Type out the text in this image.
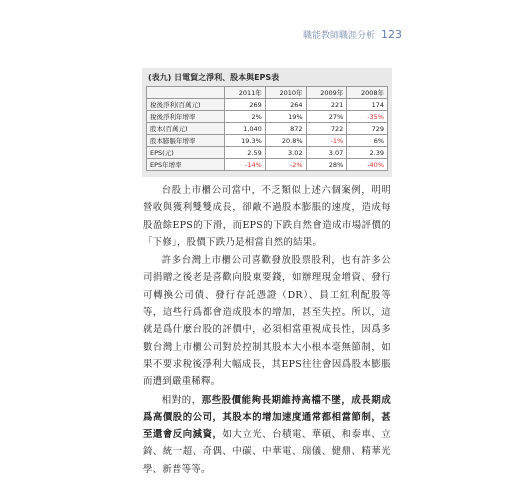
職能教師職涯分析 123
(表九) 日電貿之淨利、股本與EPS表
	2011年	2010年	2009年	2008年
稅後淨利(百萬元)	269	264	221	174
稅後淨利年增率	2%	19%	27%	-35%
股本(百萬元)	1,040	872	722	729
股本膨脹年增率	19.3%	20.8%	-1%	6%
EPS(元)	2.59	3.02	3.07	2.39
EPS年增率	-14%	-2%	28%	-40%

台股上市櫃公司當中，不乏類似上述六個案例，明明營收與獲利雙雙成長，卻敵不過股本膨脹的速度，造成每股盈餘EPS的下滑，而EPS的下跌自然會造成市場評價的「下修」，股價下跌乃是相當自然的結果。

許多台灣上市櫃公司喜歡發放股票股利，也有許多公司捐贈之後老是喜歡向股東要錢，如辦理現金增資、發行可轉換公司債、發行存託憑證（DR）、員工紅利配股等等，這些行爲都會造成股本的增加，甚至失控。所以，這就是爲什麼台股的評價中，必須相當重視成長性，因爲多數台灣上市櫃公司對於控制其股本大小根本毫無節制，如果不要求稅後淨利大幅成長，其EPS往往會因爲股本膨脹而遭到嚴重稀釋。

相對的，那些股價能夠長期維持高檔不墜，成長期成爲高價股的公司，其股本的增加速度通常都相當節制，甚至還會反向減資，如大立光、台積電、華碩、和泰車、立錡、統一超、奇偶、中碳、中華電、瑞儀、健鼎、精華光學、新普等等。
